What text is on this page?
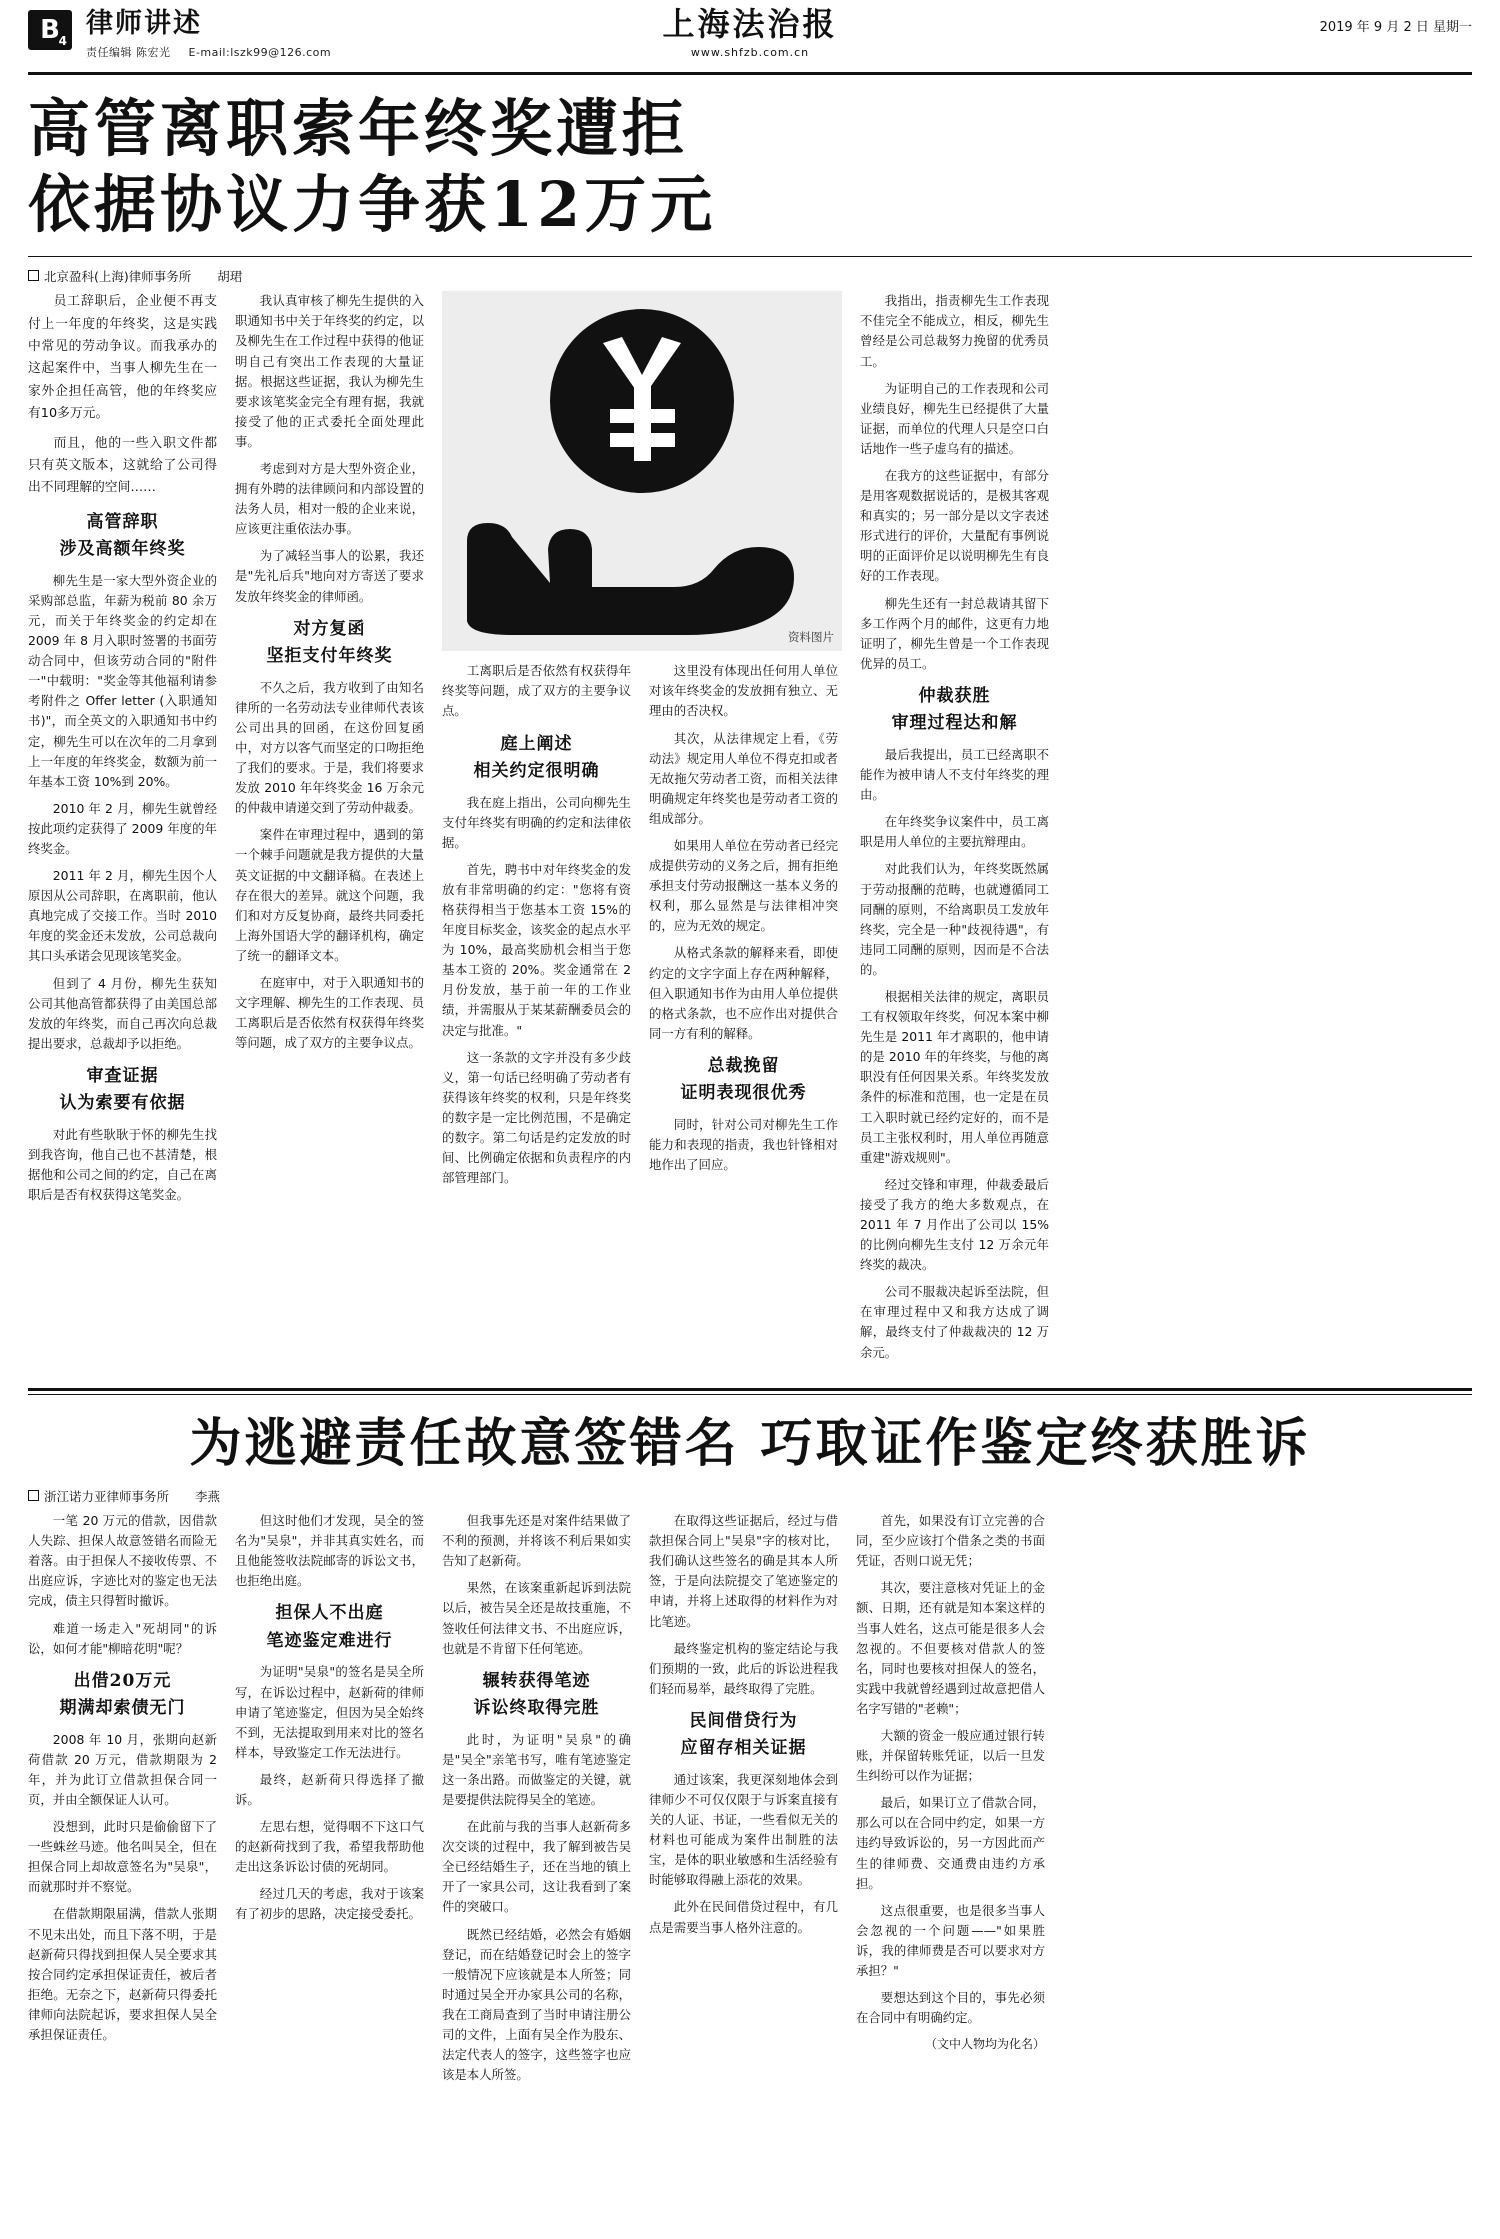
B
4
律师讲述
责任编辑 陈宏光 E-mail:lszk99@126.com
上海法治报
www.shfzb.com.cn
2019 年 9 月 2 日 星期一
高管离职索年终奖遭拒
依据协议力争获12万元
北京盈科(上海)律师事务所 胡珺

员工辞职后，企业便不再支付上一年度的年终奖，这是实践中常见的劳动争议。而我承办的这起案件中，当事人柳先生在一家外企担任高管，他的年终奖应有10多万元。

而且，他的一些入职文件都只有英文版本，这就给了公司得出不同理解的空间……

高管辞职
涉及高额年终奖

柳先生是一家大型外资企业的采购部总监，年薪为税前 80 余万元，而关于年终奖金的约定却在 2009 年 8 月入职时签署的书面劳动合同中，但该劳动合同的"附件一"中载明："奖金等其他福利请参考附件之 Offer letter (入职通知书)"，而全英文的入职通知书中约定，柳先生可以在次年的二月拿到上一年度的年终奖金，数额为前一年基本工资 10%到 20%。

2010 年 2 月，柳先生就曾经按此项约定获得了 2009 年度的年终奖金。

2011 年 2 月，柳先生因个人原因从公司辞职，在离职前，他认真地完成了交接工作。当时 2010 年度的奖金还未发放，公司总裁向其口头承诺会见现该笔奖金。

但到了 4 月份，柳先生获知公司其他高管都获得了由美国总部发放的年终奖，而自己再次向总裁提出要求，总裁却予以拒绝。

审查证据
认为索要有依据

对此有些耿耿于怀的柳先生找到我咨询，他自己也不甚清楚，根据他和公司之间的约定，自己在离职后是否有权获得这笔奖金。

我认真审核了柳先生提供的入职通知书中关于年终奖的约定，以及柳先生在工作过程中获得的他证明自己有突出工作表现的大量证据。根据这些证据，我认为柳先生要求该笔奖金完全有理有据，我就接受了他的正式委托全面处理此事。

考虑到对方是大型外资企业，拥有外聘的法律顾问和内部设置的法务人员，相对一般的企业来说，应该更注重依法办事。

为了减轻当事人的讼累，我还是"先礼后兵"地向对方寄送了要求发放年终奖金的律师函。

对方复函
坚拒支付年终奖

不久之后，我方收到了由知名律所的一名劳动法专业律师代表该公司出具的回函，在这份回复函中，对方以客气而坚定的口吻拒绝了我们的要求。于是，我们将要求发放 2010 年年终奖金 16 万余元的仲裁申请递交到了劳动仲裁委。

案件在审理过程中，遇到的第一个棘手问题就是我方提供的大量英文证据的中文翻译稿。在表述上存在很大的差异。就这个问题，我们和对方反复协商，最终共同委托上海外国语大学的翻译机构，确定了统一的翻译文本。

在庭审中，对于入职通知书的文字理解、柳先生的工作表现、员工离职后是否依然有权获得年终奖等问题，成了双方的主要争议点。

资料图片

工离职后是否依然有权获得年终奖等问题，成了双方的主要争议点。

庭上阐述
相关约定很明确

我在庭上指出，公司向柳先生支付年终奖有明确的约定和法律依据。

首先，聘书中对年终奖金的发放有非常明确的约定："您将有资格获得相当于您基本工资 15%的年度目标奖金，该奖金的起点水平为 10%，最高奖励机会相当于您基本工资的 20%。奖金通常在 2 月份发放，基于前一年的工作业绩，并需服从于某某薪酬委员会的决定与批准。"

这一条款的文字并没有多少歧义，第一句话已经明确了劳动者有获得该年终奖的权利，只是年终奖的数字是一定比例范围，不是确定的数字。第二句话是约定发放的时间、比例确定依据和负责程序的内部管理部门。

这里没有体现出任何用人单位对该年终奖金的发放拥有独立、无理由的否决权。

其次，从法律规定上看，《劳动法》规定用人单位不得克扣或者无故拖欠劳动者工资，而相关法律明确规定年终奖也是劳动者工资的组成部分。

如果用人单位在劳动者已经完成提供劳动的义务之后，拥有拒绝承担支付劳动报酬这一基本义务的权利，那么显然是与法律相冲突的，应为无效的规定。

从格式条款的解释来看，即使约定的文字字面上存在两种解释，但入职通知书作为由用人单位提供的格式条款，也不应作出对提供合同一方有利的解释。

总裁挽留
证明表现很优秀

同时，针对公司对柳先生工作能力和表现的指责，我也针锋相对地作出了回应。

我指出，指责柳先生工作表现不佳完全不能成立，相反，柳先生曾经是公司总裁努力挽留的优秀员工。

为证明自己的工作表现和公司业绩良好，柳先生已经提供了大量证据，而单位的代理人只是空口白话地作一些子虚乌有的描述。

在我方的这些证据中，有部分是用客观数据说话的，是极其客观和真实的；另一部分是以文字表述形式进行的评价，大量配有事例说明的正面评价足以说明柳先生有良好的工作表现。

柳先生还有一封总裁请其留下多工作两个月的邮件，这更有力地证明了，柳先生曾是一个工作表现优异的员工。

仲裁获胜
审理过程达和解

最后我提出，员工已经离职不能作为被申请人不支付年终奖的理由。

在年终奖争议案件中，员工离职是用人单位的主要抗辩理由。

对此我们认为，年终奖既然属于劳动报酬的范畴，也就遵循同工同酬的原则，不给离职员工发放年终奖，完全是一种"歧视待遇"，有违同工同酬的原则，因而是不合法的。

根据相关法律的规定，离职员工有权领取年终奖，何况本案中柳先生是 2011 年才离职的，他申请的是 2010 年的年终奖，与他的离职没有任何因果关系。年终奖发放条件的标准和范围，也一定是在员工入职时就已经约定好的，而不是员工主张权利时，用人单位再随意重建"游戏规则"。

经过交锋和审理，仲裁委最后接受了我方的绝大多数观点，在 2011 年 7 月作出了公司以 15%的比例向柳先生支付 12 万余元年终奖的裁决。

公司不服裁决起诉至法院，但在审理过程中又和我方达成了调解，最终支付了仲裁裁决的 12 万余元。

为逃避责任故意签错名 巧取证作鉴定终获胜诉
浙江诺力亚律师事务所 李燕

一笔 20 万元的借款，因借款人失踪、担保人故意签错名而险无着落。由于担保人不接收传票、不出庭应诉，字迹比对的鉴定也无法完成，债主只得暂时撤诉。

难道一场走入"死胡同"的诉讼，如何才能"柳暗花明"呢？

出借20万元
期满却索债无门

2008 年 10 月，张期向赵新荷借款 20 万元，借款期限为 2 年，并为此订立借款担保合同一页，并由全额保证人认可。

没想到，此时只是偷偷留下了一些蛛丝马迹。他名叫吴全，但在担保合同上却故意签名为"吴泉"，而就那时并不察觉。

在借款期限届满，借款人张期不见未出处，而且下落不明，于是赵新荷只得找到担保人吴全要求其按合同约定承担保证责任，被后者拒绝。无奈之下，赵新荷只得委托律师向法院起诉，要求担保人吴全承担保证责任。

但这时他们才发现，吴全的签名为"吴泉"，并非其真实姓名，而且他能签收法院邮寄的诉讼文书，也拒绝出庭。

担保人不出庭
笔迹鉴定难进行

为证明"吴泉"的签名是吴全所写，在诉讼过程中，赵新荷的律师申请了笔迹鉴定，但因为吴全始终不到，无法提取到用来对比的签名样本，导致鉴定工作无法进行。

最终，赵新荷只得选择了撤诉。

左思右想，觉得咽不下这口气的赵新荷找到了我，希望我帮助他走出这条诉讼讨债的死胡同。

经过几天的考虑，我对于该案有了初步的思路，决定接受委托。

但我事先还是对案件结果做了不利的预测，并将该不利后果如实告知了赵新荷。

果然，在该案重新起诉到法院以后，被告吴全还是故技重施，不签收任何法律文书、不出庭应诉，也就是不肯留下任何笔迹。

辗转获得笔迹
诉讼终取得完胜

此时，为证明"吴泉"的确是"吴全"亲笔书写，唯有笔迹鉴定这一条出路。而做鉴定的关键，就是要提供法院得吴全的笔迹。

在此前与我的当事人赵新荷多次交谈的过程中，我了解到被告吴全已经结婚生子，还在当地的镇上开了一家具公司，这让我看到了案件的突破口。

既然已经结婚，必然会有婚姻登记，而在结婚登记时会上的签字一般情况下应该就是本人所签；同时通过吴全开办家具公司的名称，我在工商局查到了当时申请注册公司的文件，上面有吴全作为股东、法定代表人的签字，这些签字也应该是本人所签。

在取得这些证据后，经过与借款担保合同上"吴泉"字的核对比，我们确认这些签名的确是其本人所签，于是向法院提交了笔迹鉴定的申请，并将上述取得的材料作为对比笔迹。

最终鉴定机构的鉴定结论与我们预期的一致，此后的诉讼进程我们轻而易举，最终取得了完胜。

民间借贷行为
应留存相关证据

通过该案，我更深刻地体会到律师少不可仅仅限于与诉案直接有关的人证、书证，一些看似无关的材料也可能成为案件出制胜的法宝，是体的职业敏感和生活经验有时能够取得融上添花的效果。

此外在民间借贷过程中，有几点是需要当事人格外注意的。

首先，如果没有订立完善的合同，至少应该打个借条之类的书面凭证，否则口说无凭；

其次，要注意核对凭证上的金额、日期，还有就是知本案这样的当事人姓名，这点可能是很多人会忽视的。不但要核对借款人的签名，同时也要核对担保人的签名，实践中我就曾经遇到过故意把借人名字写错的"老赖"；

大额的资金一般应通过银行转账，并保留转账凭证，以后一旦发生纠纷可以作为证据；

最后，如果订立了借款合同，那么可以在合同中约定，如果一方违约导致诉讼的，另一方因此而产生的律师费、交通费由违约方承担。

这点很重要，也是很多当事人会忽视的一个问题——"如果胜诉，我的律师费是否可以要求对方承担？"

要想达到这个目的，事先必须在合同中有明确约定。

（文中人物均为化名）
